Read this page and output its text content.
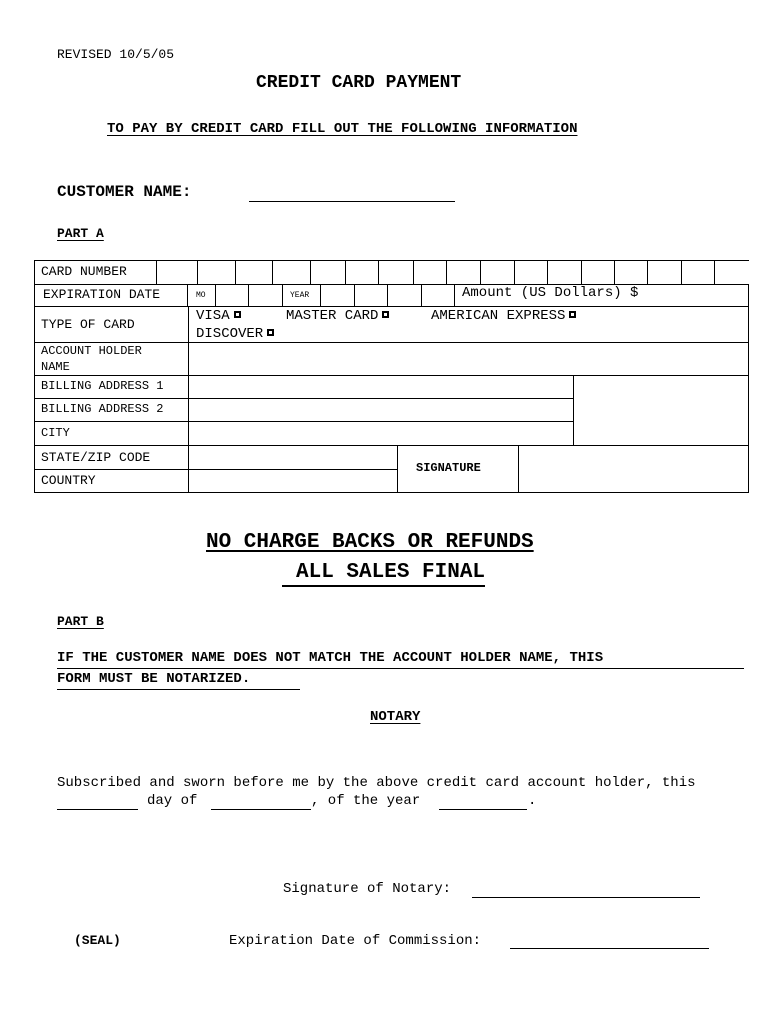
REVISED 10/5/05
CREDIT CARD PAYMENT
TO PAY BY CREDIT CARD FILL OUT THE FOLLOWING INFORMATION
CUSTOMER NAME:
PART A
CARD NUMBER
EXPIRATION DATE	MO	YEAR	Amount (US Dollars) $
TYPE OF CARD
VISA	MASTER CARD	AMERICAN EXPRESS
DISCOVER
ACCOUNT HOLDER
NAME
BILLING ADDRESS 1
BILLING ADDRESS 2
CITY
STATE/ZIP CODE
COUNTRY
SIGNATURE
NO CHARGE BACKS OR REFUNDS
ALL SALES FINAL
PART B
IF THE CUSTOMER NAME DOES NOT MATCH THE ACCOUNT HOLDER NAME, THIS
FORM MUST BE NOTARIZED.
NOTARY
Subscribed and sworn before me by the above credit card account holder, this
day of	, of the year	.
Signature of Notary:
(SEAL)	Expiration Date of Commission:
